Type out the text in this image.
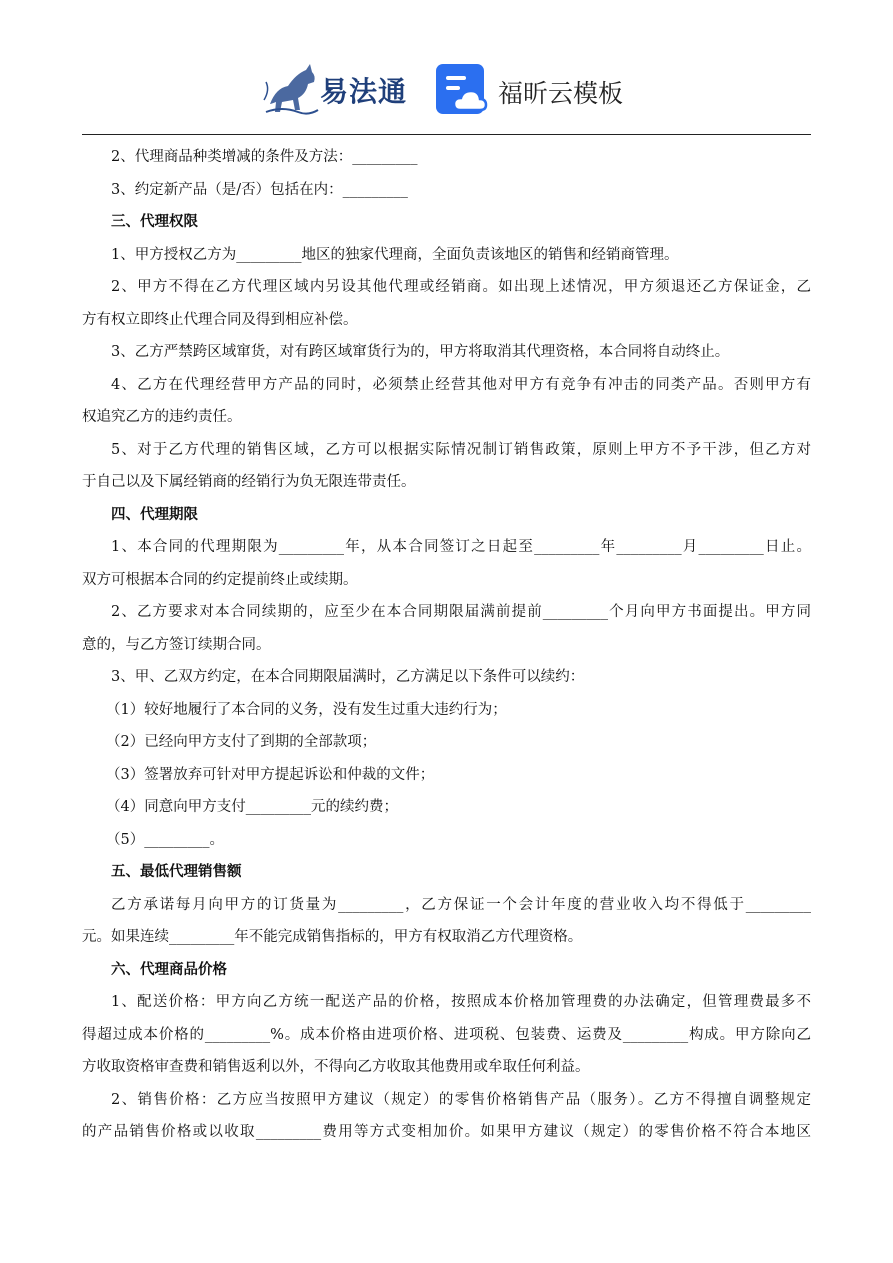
易法通	福昕云模板
2、代理商品种类增减的条件及方法：_________
3、约定新产品（是/否）包括在内：_________
三、代理权限
1、甲方授权乙方为_________地区的独家代理商，全面负责该地区的销售和经销商管理。
2、甲方不得在乙方代理区域内另设其他代理或经销商。如出现上述情况，甲方须退还乙方保证金，乙
方有权立即终止代理合同及得到相应补偿。
3、乙方严禁跨区域窜货，对有跨区域窜货行为的，甲方将取消其代理资格，本合同将自动终止。
4、乙方在代理经营甲方产品的同时，必须禁止经营其他对甲方有竞争有冲击的同类产品。否则甲方有
权追究乙方的违约责任。
5、对于乙方代理的销售区域，乙方可以根据实际情况制订销售政策，原则上甲方不予干涉，但乙方对
于自己以及下属经销商的经销行为负无限连带责任。
四、代理期限
1、本合同的代理期限为_________年，从本合同签订之日起至_________年_________月_________日止。
双方可根据本合同的约定提前终止或续期。
2、乙方要求对本合同续期的，应至少在本合同期限届满前提前_________个月向甲方书面提出。甲方同
意的，与乙方签订续期合同。
3、甲、乙双方约定，在本合同期限届满时，乙方满足以下条件可以续约：
（1）较好地履行了本合同的义务，没有发生过重大违约行为；
（2）已经向甲方支付了到期的全部款项；
（3）签署放弃可针对甲方提起诉讼和仲裁的文件；
（4）同意向甲方支付_________元的续约费；
（5）_________。
五、最低代理销售额
乙方承诺每月向甲方的订货量为_________，乙方保证一个会计年度的营业收入均不得低于_________
元。如果连续_________年不能完成销售指标的，甲方有权取消乙方代理资格。
六、代理商品价格
1、配送价格：甲方向乙方统一配送产品的价格，按照成本价格加管理费的办法确定，但管理费最多不
得超过成本价格的_________%。成本价格由进项价格、进项税、包装费、运费及_________构成。甲方除向乙
方收取资格审查费和销售返利以外，不得向乙方收取其他费用或牟取任何利益。
2、销售价格：乙方应当按照甲方建议（规定）的零售价格销售产品（服务）。乙方不得擅自调整规定
的产品销售价格或以收取_________费用等方式变相加价。如果甲方建议（规定）的零售价格不符合本地区
